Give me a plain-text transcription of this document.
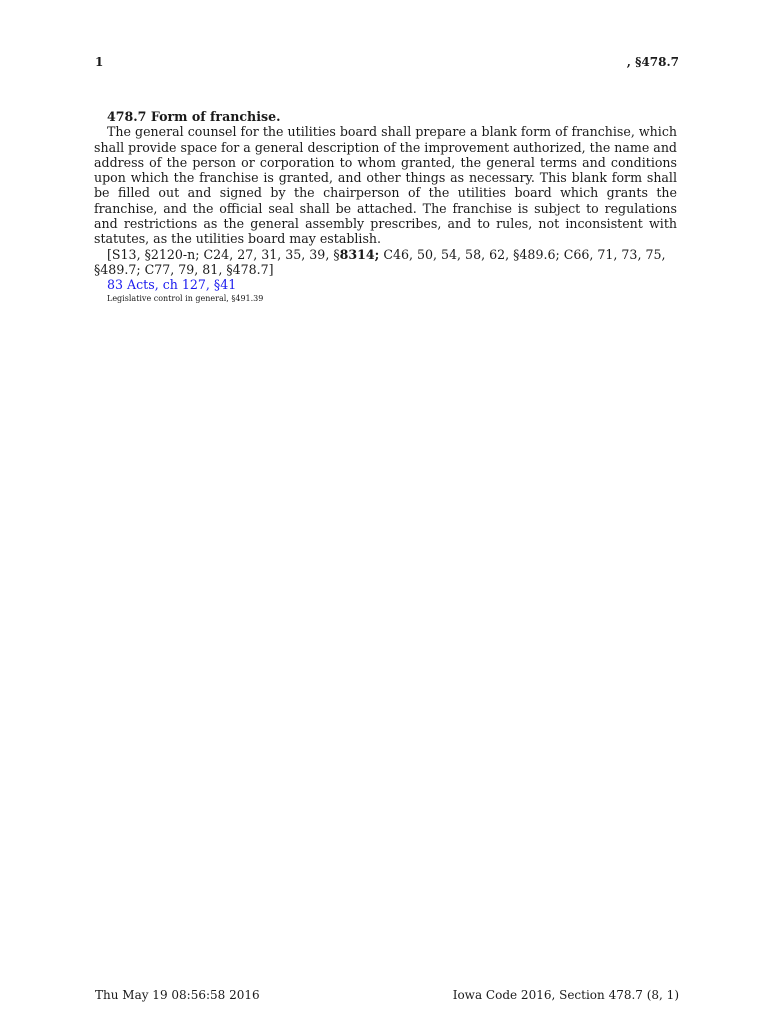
1	, §478.7

478.7 Form of franchise.

The general counsel for the utilities board shall prepare a blank form of franchise, which shall provide space for a general description of the improvement authorized, the name and address of the person or corporation to whom granted, the general terms and conditions upon which the franchise is granted, and other things as necessary. This blank form shall be filled out and signed by the chairperson of the utilities board which grants the franchise, and the official seal shall be attached. The franchise is subject to regulations and restrictions as the general assembly prescribes, and to rules, not inconsistent with statutes, as the utilities board may establish.

[S13, §2120-n; C24, 27, 31, 35, 39, §8314; C46, 50, 54, 58, 62, §489.6; C66, 71, 73, 75, §489.7; C77, 79, 81, §478.7]

83 Acts, ch 127, §41

Legislative control in general, §491.39

Thu May 19 08:56:58 2016	Iowa Code 2016, Section 478.7 (8, 1)
